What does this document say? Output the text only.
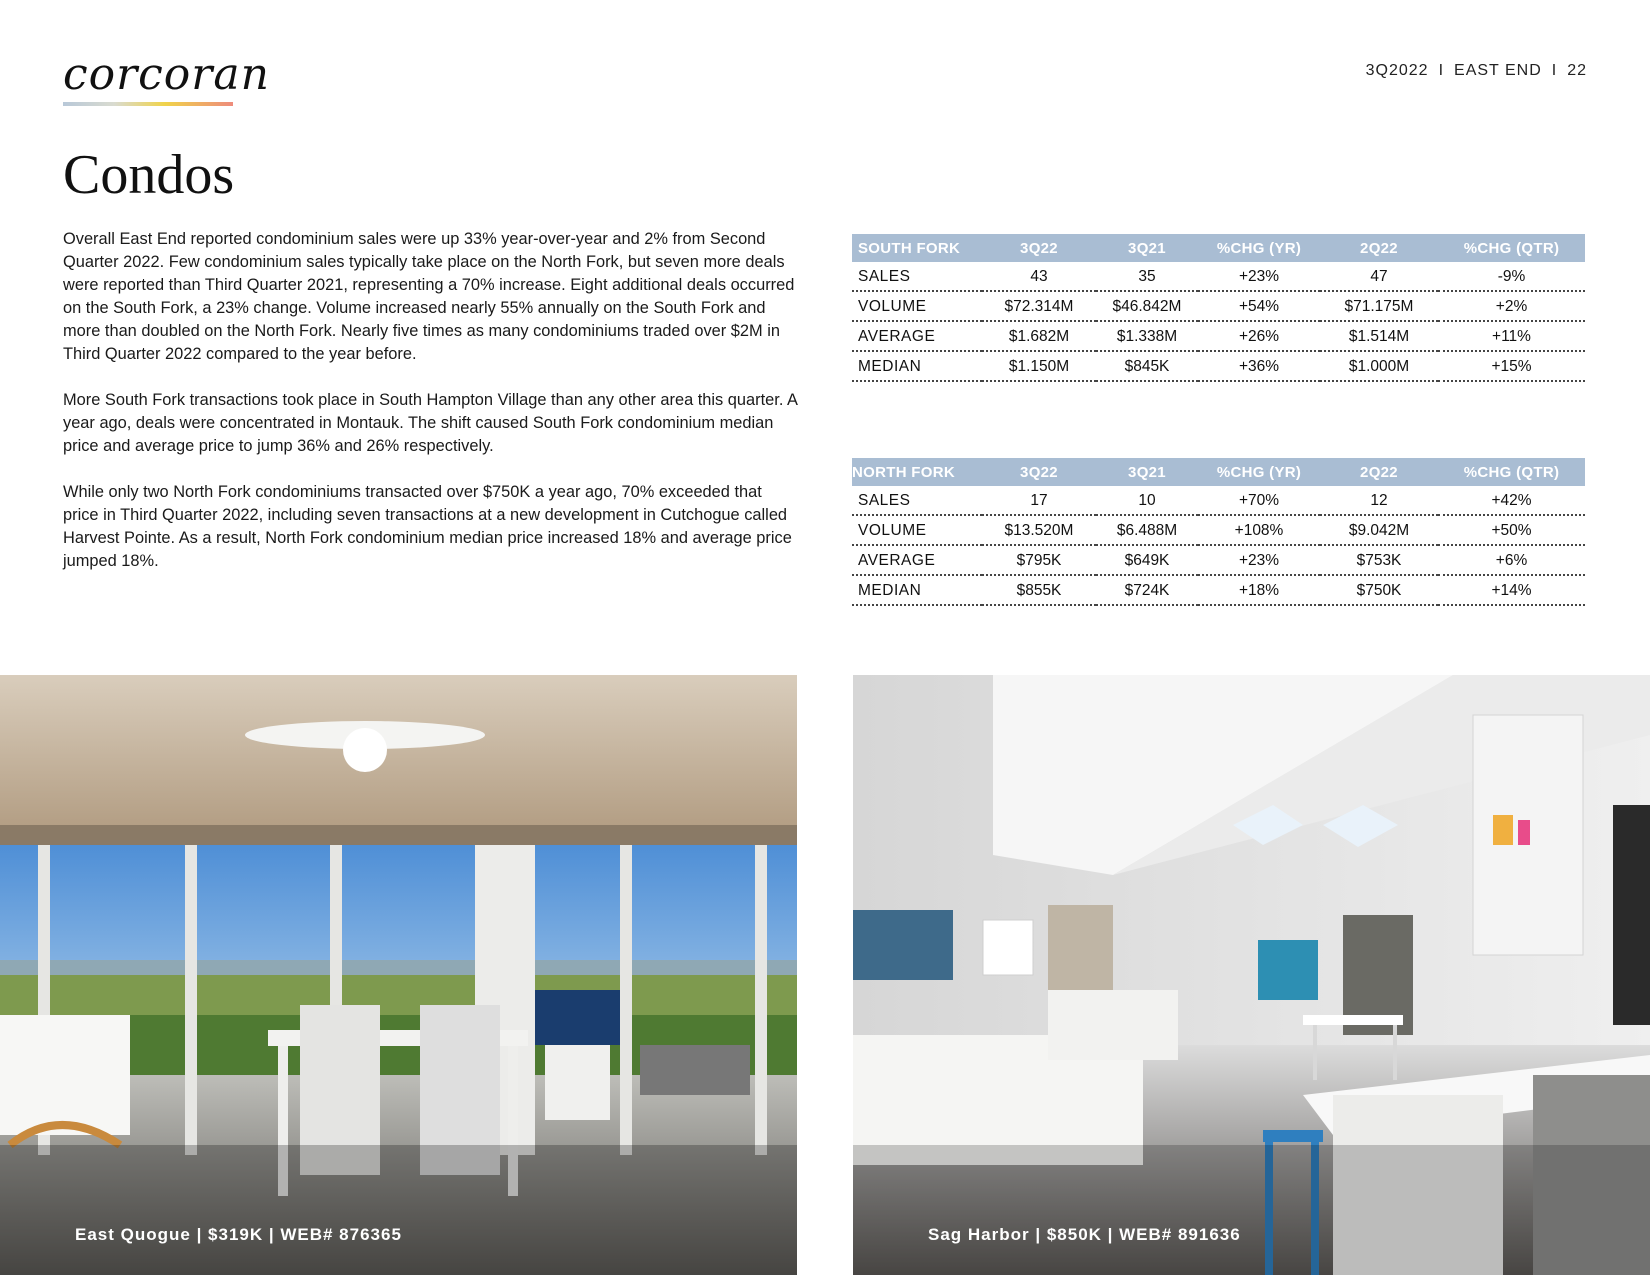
corcoran	3Q2022 I EAST END I 22
Condos

Overall East End reported condominium sales were up 33% year-over-year and 2% from Second Quarter 2022. Few condominium sales typically take place on the North Fork, but seven more deals were reported than Third Quarter 2021, representing a 70% increase. Eight additional deals occurred on the South Fork, a 23% change. Volume increased nearly 55% annually on the South Fork and more than doubled on the North Fork. Nearly five times as many condominiums traded over $2M in Third Quarter 2022 compared to the year before.

More South Fork transactions took place in South Hampton Village than any other area this quarter. A year ago, deals were concentrated in Montauk. The shift caused South Fork condominium median price and average price to jump 36% and 26% respectively.

While only two North Fork condominiums transacted over $750K a year ago, 70% exceeded that price in Third Quarter 2022, including seven transactions at a new development in Cutchogue called Harvest Pointe. As a result, North Fork condominium median price increased 18% and average price jumped 18%.

SOUTH FORK	3Q22	3Q21	%CHG (YR)	2Q22	%CHG (QTR)
SALES	43	35	+23%	47	-9%
VOLUME	$72.314M	$46.842M	+54%	$71.175M	+2%
AVERAGE	$1.682M	$1.338M	+26%	$1.514M	+11%
MEDIAN	$1.150M	$845K	+36%	$1.000M	+15%
NORTH FORK	3Q22	3Q21	%CHG (YR)	2Q22	%CHG (QTR)
SALES	17	10	+70%	12	+42%
VOLUME	$13.520M	$6.488M	+108%	$9.042M	+50%
AVERAGE	$795K	$649K	+23%	$753K	+6%
MEDIAN	$855K	$724K	+18%	$750K	+14%
East Quogue | $319K | WEB# 876365	Sag Harbor | $850K | WEB# 891636
